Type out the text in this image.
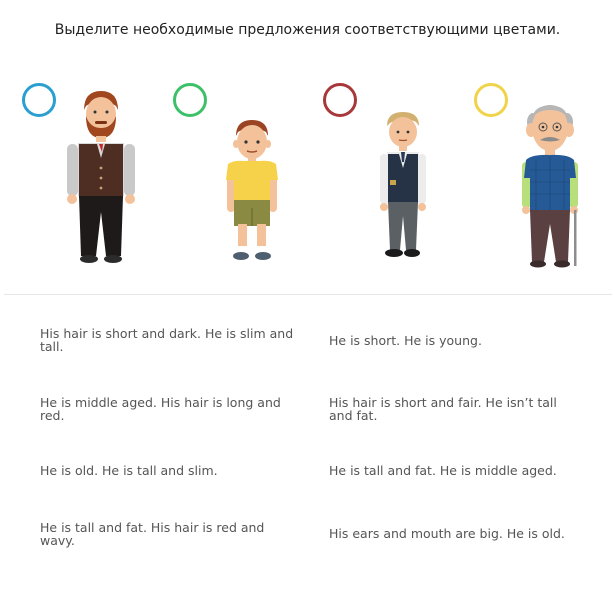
Выделите необходимые предложения соответствующими цветами.
His hair is short and dark. He is slim and tall.
He is middle aged. His hair is long and red.
He is old. He is tall and slim.
He is tall and fat. His hair is red and wavy.
He is short. He is young.
His hair is short and fair. He isn’t tall and fat.
He is tall and fat. He is middle aged.
His ears and mouth are big. He is old.
